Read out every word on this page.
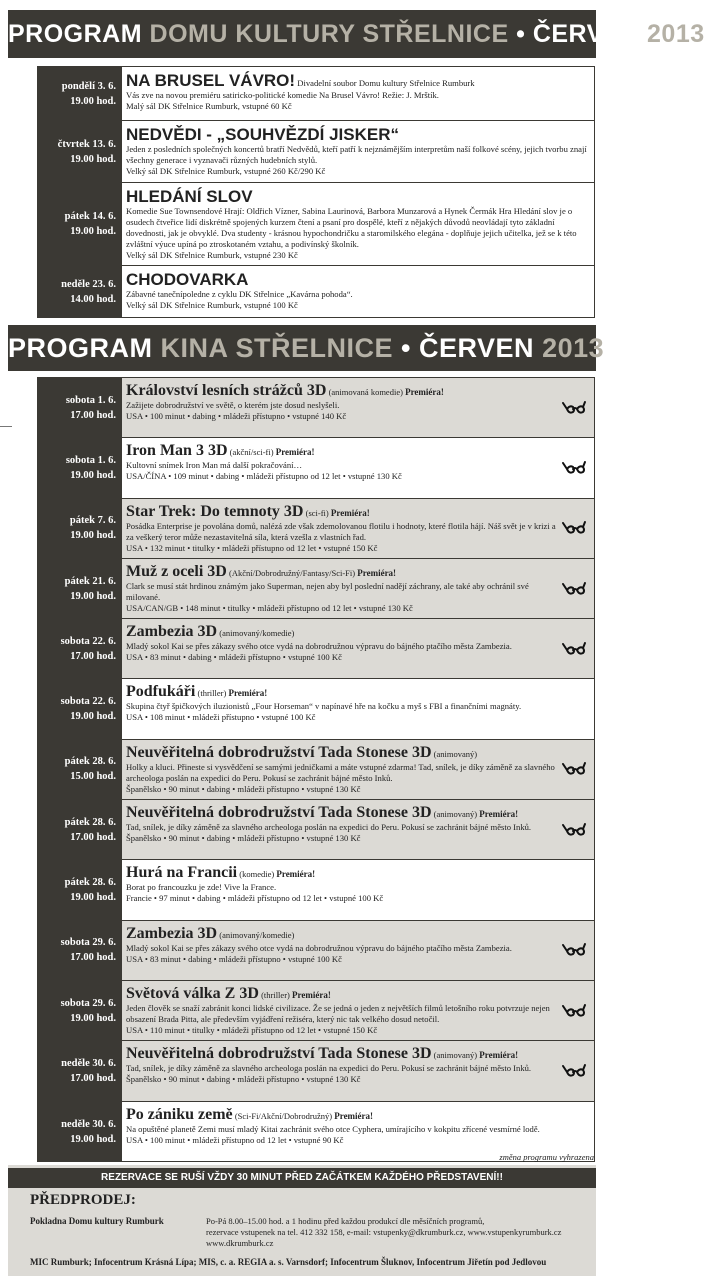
PROGRAM DOMU KULTURY STŘELNICE • ČERVEN 2013
pondělí 3. 6.
19.00 hod.
NA BRUSEL VÁVRO! Divadelní soubor Domu kultury Střelnice Rumburk
Vás zve na novou premiéru satiricko-politické komedie Na Brusel Vávro! Režie: J. Mrštík.
Malý sál DK Střelnice Rumburk, vstupné 60 Kč
čtvrtek 13. 6.
19.00 hod.
NEDVĚDI - „SOUHVĚZDÍ JISKER“
Jeden z posledních společných koncertů bratří Nedvědů, kteří patří k nejznámějším interpretům naší folkové scény, jejich tvorbu znají všechny generace i vyznavači různých hudebních stylů.
Velký sál DK Střelnice Rumburk, vstupné 260 Kč/290 Kč
pátek 14. 6.
19.00 hod.
HLEDÁNÍ SLOV
Komedie Sue Townsendové Hrají: Oldřich Vízner, Sabina Laurinová, Barbora Munzarová a Hynek Čermák Hra Hledání slov je o osudech čtveřice lidí diskrétně spojených kurzem čtení a psaní pro dospělé, kteří z nějakých důvodů neovládají tyto základní dovednosti, jak je obvyklé. Dva studenty - krásnou hypochondričku a staromilského elegána - doplňuje jejich učitelka, jež se k této zvláštní výuce upíná po ztroskotaném vztahu, a podivínský školník.
Velký sál DK Střelnice Rumburk, vstupné 230 Kč
neděle 23. 6.
14.00 hod.
CHODOVARKA
Zábavné tanečnípoledne z cyklu DK Střelnice „Kavárna pohoda“.
Velký sál DK Střelnice Rumburk, vstupné 100 Kč
PROGRAM KINA STŘELNICE • ČERVEN 2013
sobota 1. 6.
17.00 hod.
Království lesních strážců 3D (animovaná komedie) Premiéra!
Zažijete dobrodružství ve světě, o kterém jste dosud neslyšeli.
USA • 100 minut • dabing • mládeži přístupno • vstupné 140 Kč
sobota 1. 6.
19.00 hod.
Iron Man 3 3D (akční/sci-fi) Premiéra!
Kultovní snímek Iron Man má další pokračování…
USA/ČÍNA • 109 minut • dabing • mládeži přístupno od 12 let • vstupné 130 Kč
pátek 7. 6.
19.00 hod.
Star Trek: Do temnoty 3D (sci-fi) Premiéra!
Posádka Enterprise je povolána domů, nalézá zde však zdemolovanou flotilu i hodnoty, které flotila hájí. Náš svět je v krizi a za veškerý teror může nezastavitelná síla, která vzešla z vlastních řad.
USA • 132 minut • titulky • mládeži přístupno od 12 let • vstupné 150 Kč
pátek 21. 6.
19.00 hod.
Muž z oceli 3D (Akční/Dobrodružný/Fantasy/Sci-Fi) Premiéra!
Clark se musí stát hrdinou známým jako Superman, nejen aby byl poslední nadějí záchrany, ale také aby ochránil své milované.
USA/CAN/GB • 148 minut • titulky • mládeži přístupno od 12 let • vstupné 130 Kč
sobota 22. 6.
17.00 hod.
Zambezia 3D (animovaný/komedie)
Mladý sokol Kai se přes zákazy svého otce vydá na dobrodružnou výpravu do bájného ptačího města Zambezia.
USA • 83 minut • dabing • mládeži přístupno • vstupné 100 Kč
sobota 22. 6.
19.00 hod.
Podfukáři (thriller) Premiéra!
Skupina čtyř špičkových iluzionistů „Four Horseman“ v napínavé hře na kočku a myš s FBI a finančními magnáty.
USA • 108 minut • mládeži přístupno • vstupné 100 Kč
pátek 28. 6.
15.00 hod.
Neuvěřitelná dobrodružství Tada Stonese 3D (animovaný)
Holky a kluci. Přineste si vysvědčení se samými jedničkami a máte vstupné zdarma! Tad, snílek, je díky záměně za slavného archeologa poslán na expedici do Peru. Pokusí se zachránit bájné město Inků.
Španělsko • 90 minut • dabing • mládeži přístupno • vstupné 130 Kč
pátek 28. 6.
17.00 hod.
Neuvěřitelná dobrodružství Tada Stonese 3D (animovaný) Premiéra!
Tad, snílek, je díky záměně za slavného archeologa poslán na expedici do Peru. Pokusí se zachránit bájné město Inků.
Španělsko • 90 minut • dabing • mládeži přístupno • vstupné 130 Kč
pátek 28. 6.
19.00 hod.
Hurá na Francii (komedie) Premiéra!
Borat po francouzku je zde! Vive la France.
Francie • 97 minut • dabing • mládeži přístupno od 12 let • vstupné 100 Kč
sobota 29. 6.
17.00 hod.
Zambezia 3D (animovaný/komedie)
Mladý sokol Kai se přes zákazy svého otce vydá na dobrodružnou výpravu do bájného ptačího města Zambezia.
USA • 83 minut • dabing • mládeži přístupno • vstupné 100 Kč
sobota 29. 6.
19.00 hod.
Světová válka Z 3D (thriller) Premiéra!
Jeden člověk se snaží zabránit konci lidské civilizace. Že se jedná o jeden z největších filmů letošního roku potvrzuje nejen obsazení Brada Pitta, ale především vyjádření režiséra, který nic tak velkého dosud netočil.
USA • 110 minut • titulky • mládeži přístupno od 12 let • vstupné 150 Kč
neděle 30. 6.
17.00 hod.
Neuvěřitelná dobrodružství Tada Stonese 3D (animovaný) Premiéra!
Tad, snílek, je díky záměně za slavného archeologa poslán na expedici do Peru. Pokusí se zachránit bájné město Inků.
Španělsko • 90 minut • dabing • mládeži přístupno • vstupné 130 Kč
neděle 30. 6.
19.00 hod.
Po zániku země (Sci-Fi/Akční/Dobrodružný) Premiéra!
Na opuštěné planetě Zemi musí mladý Kitai zachránit svého otce Cyphera, umírajícího v kokpitu zřícené vesmírné lodě.
USA • 100 minut • mládeži přístupno od 12 let • vstupné 90 Kč
změna programu vyhrazena
REZERVACE SE RUŠÍ VŽDY 30 MINUT PŘED ZAČÁTKEM KAŽDÉHO PŘEDSTAVENÍ!!
PŘEDPRODEJ:
Pokladna Domu kultury Rumburk	Po-Pá 8.00–15.00 hod. a 1 hodinu před každou produkcí dle měsíčních programů,
rezervace vstupenek na tel. 412 332 158, e-mail: vstupenky@dkrumburk.cz, www.vstupenkyrumburk.cz
www.dkrumburk.cz
MIC Rumburk; Infocentrum Krásná Lípa; MIS, c. a. REGIA a. s. Varnsdorf; Infocentrum Šluknov, Infocentrum Jiřetín pod Jedlovou
